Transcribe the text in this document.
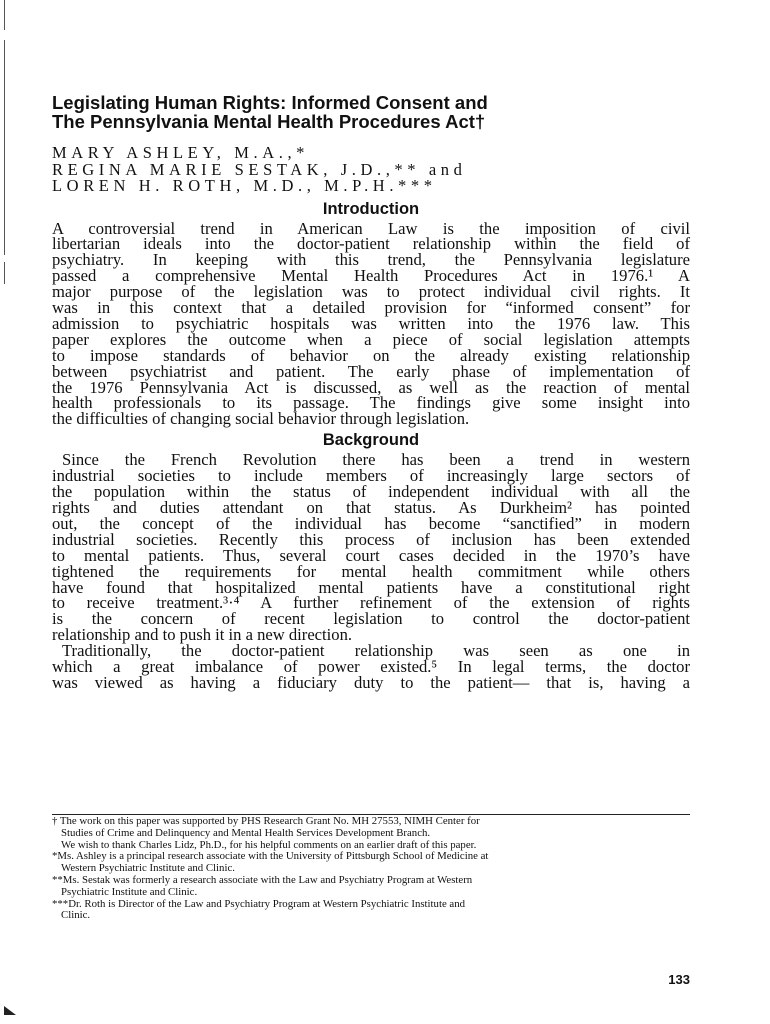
Legislating Human Rights: Informed Consent and
The Pennsylvania Mental Health Procedures Act†
MARY ASHLEY, M.A.,*
REGINA MARIE SESTAK, J.D.,** and
LOREN H. ROTH, M.D., M.P.H.***
Introduction

A controversial trend in American Law is the imposition of civil
libertarian ideals into the doctor-patient relationship within the field of
psychiatry. In keeping with this trend, the Pennsylvania legislature
passed a comprehensive Mental Health Procedures Act in 1976.¹ A
major purpose of the legislation was to protect individual civil rights. It
was in this context that a detailed provision for “informed consent” for
admission to psychiatric hospitals was written into the 1976 law. This
paper explores the outcome when a piece of social legislation attempts
to impose standards of behavior on the already existing relationship
between psychiatrist and patient. The early phase of implementation of
the 1976 Pennsylvania Act is discussed, as well as the reaction of mental
health professionals to its passage. The findings give some insight into
the difficulties of changing social behavior through legislation.

Background

Since the French Revolution there has been a trend in western
industrial societies to include members of increasingly large sectors of
the population within the status of independent individual with all the
rights and duties attendant on that status. As Durkheim² has pointed
out, the concept of the individual has become “sanctified” in modern
industrial societies. Recently this process of inclusion has been extended
to mental patients. Thus, several court cases decided in the 1970’s have
tightened the requirements for mental health commitment while others
have found that hospitalized mental patients have a constitutional right
to receive treatment.³·⁴ A further refinement of the extension of rights
is the concern of recent legislation to control the doctor-patient
relationship and to push it in a new direction.
Traditionally, the doctor-patient relationship was seen as one in
which a great imbalance of power existed.⁵ In legal terms, the doctor
was viewed as having a fiduciary duty to the patient— that is, having a

† The work on this paper was supported by PHS Research Grant No. MH 27553, NIMH Center for
Studies of Crime and Delinquency and Mental Health Services Development Branch.
We wish to thank Charles Lidz, Ph.D., for his helpful comments on an earlier draft of this paper.
*Ms. Ashley is a principal research associate with the University of Pittsburgh School of Medicine at
Western Psychiatric Institute and Clinic.
**Ms. Sestak was formerly a research associate with the Law and Psychiatry Program at Western
Psychiatric Institute and Clinic.
***Dr. Roth is Director of the Law and Psychiatry Program at Western Psychiatric Institute and
Clinic.
133
